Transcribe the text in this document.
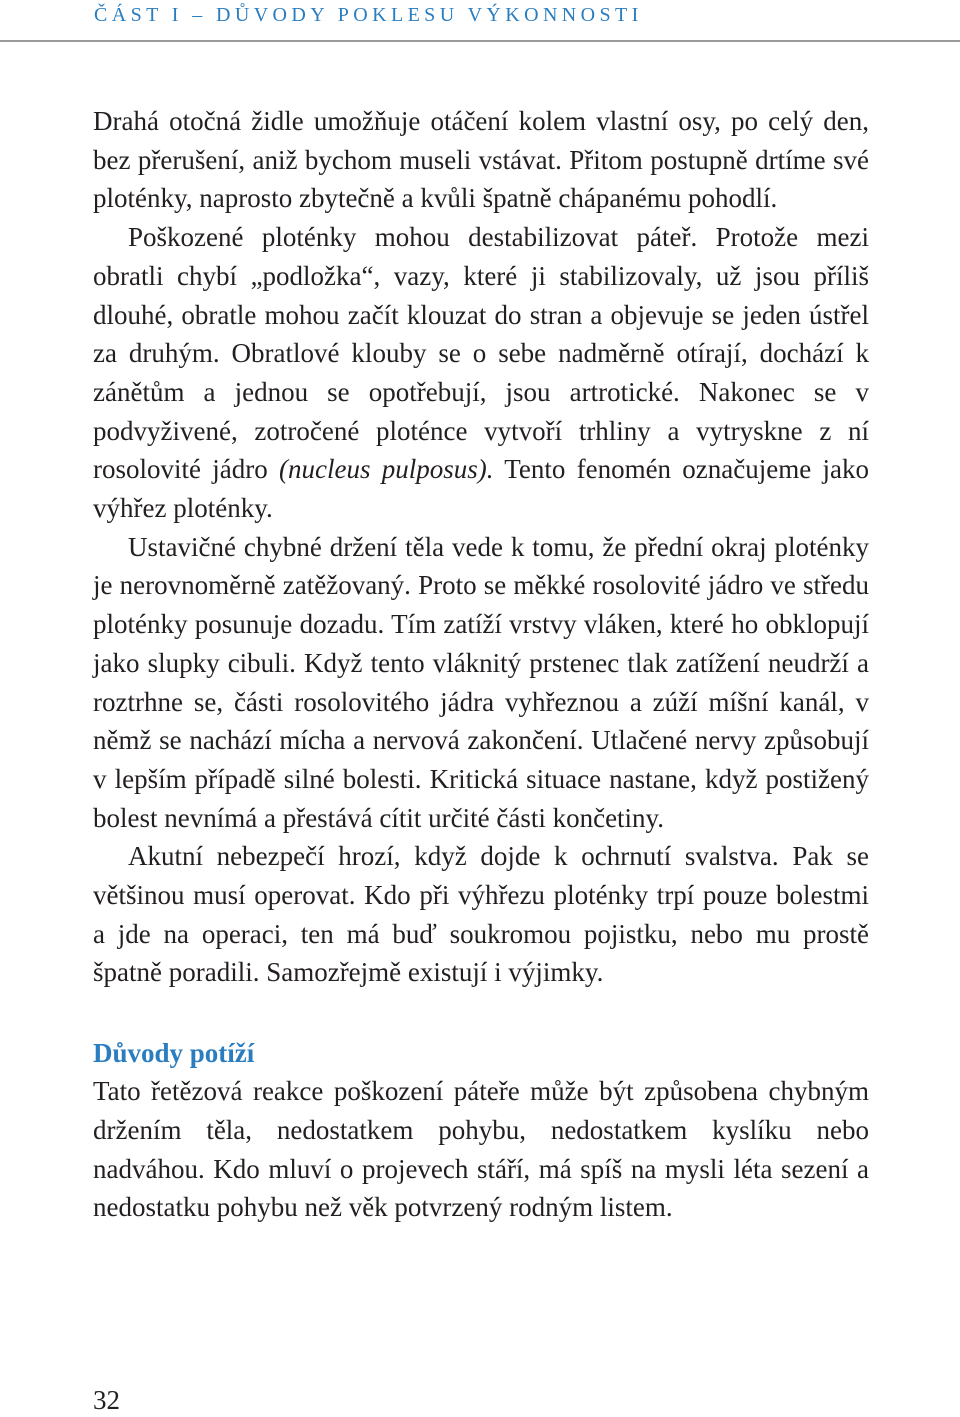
ČÁST I – DŮVODY POKLESU VÝKONNOSTI

Drahá otočná židle umožňuje otáčení kolem vlastní osy, po celý den, bez přerušení, aniž bychom museli vstávat. Přitom postupně drtíme své ploténky, naprosto zbytečně a kvůli špatně chápanému pohodlí.

Poškozené ploténky mohou destabilizovat páteř. Protože mezi obratli chybí „podložka“, vazy, které ji stabilizovaly, už jsou příliš dlouhé, obratle mohou začít klouzat do stran a objevuje se jeden ústřel za druhým. Obratlové klouby se o sebe nadměrně otírají, dochází k zánětům a jednou se opotřebují, jsou artrotické. Nakonec se v podvyživené, zotročené ploténce vytvoří trhliny a vytryskne z ní rosolovité jádro (nucleus pulposus). Tento fenomén označujeme jako výhřez ploténky.

Ustavičné chybné držení těla vede k tomu, že přední okraj ploténky je nerovnoměrně zatěžovaný. Proto se měkké rosolovité jádro ve středu ploténky posunuje dozadu. Tím zatíží vrstvy vláken, které ho obklopují jako slupky cibuli. Když tento vláknitý prstenec tlak zatížení neudrží a roztrhne se, části rosolovitého jádra vyhřeznou a zúží míšní kanál, v němž se nachází mícha a nervová zakončení. Utlačené nervy způsobují v lepším případě silné bolesti. Kritická situace nastane, když postižený bolest nevnímá a přestává cítit určité části končetiny.

Akutní nebezpečí hrozí, když dojde k ochrnutí svalstva. Pak se většinou musí operovat. Kdo při výhřezu ploténky trpí pouze bolestmi a jde na operaci, ten má buď soukromou pojistku, nebo mu prostě špatně poradili. Samozřejmě existují i výjimky.

Důvody potíží

Tato řetězová reakce poškození páteře může být způsobena chybným držením těla, nedostatkem pohybu, nedostatkem kyslíku nebo nadváhou. Kdo mluví o projevech stáří, má spíš na mysli léta sezení a nedostatku pohybu než věk potvrzený rodným listem.

32
